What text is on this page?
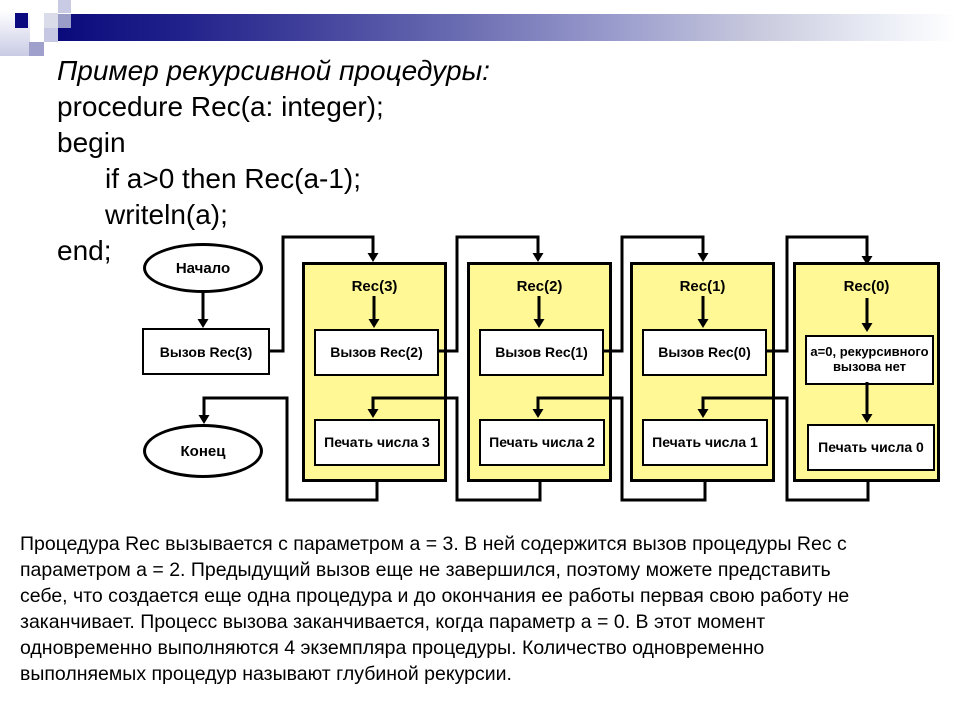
Пример рекурсивной процедуры:
procedure Rec(a: integer);
begin
if a>0 then Rec(a-1);
writeln(a);
end;
Начало
Вызов Rec(3)
Конец
Rec(3)
Вызов Rec(2)
Печать числа 3
Rec(2)
Вызов Rec(1)
Печать числа 2
Rec(1)
Вызов Rec(0)
Печать числа 1
Rec(0)
a=0, рекурсивного вызова нет
Печать числа 0
Процедура Rec вызывается с параметром а = 3. В ней содержится вызов процедуры Rec с
параметром а = 2. Предыдущий вызов еще не завершился, поэтому можете представить
себе, что создается еще одна процедура и до окончания ее работы первая свою работу не
заканчивает. Процесс вызова заканчивается, когда параметр а = 0. В этот момент
одновременно выполняются 4 экземпляра процедуры. Количество одновременно
выполняемых процедур называют глубиной рекурсии.
